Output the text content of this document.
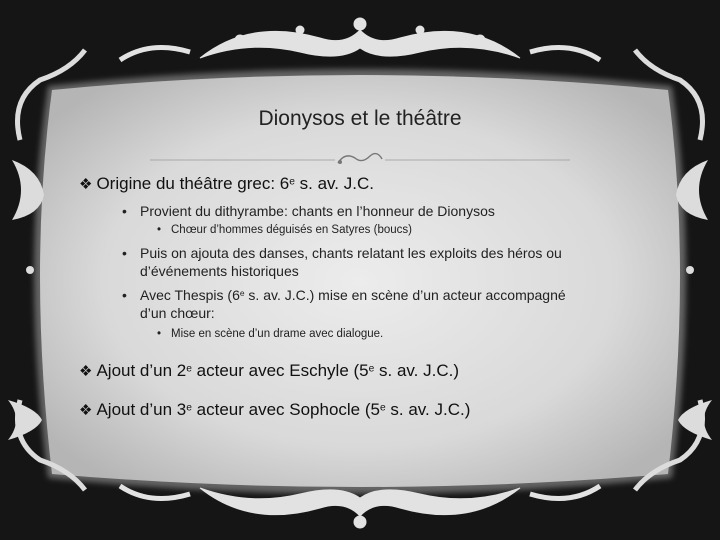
Dionysos et le théâtre
❖ Origine du théâtre grec: 6e s. av. J.C.
• Provient du dithyrambe: chants en l’honneur de Dionysos
• Chœur d’hommes déguisés en Satyres (boucs)
• Puis on ajouta des danses, chants relatant les exploits des héros ou
d’événements historiques
• Avec Thespis (6e s. av. J.C.) mise en scène d’un acteur accompagné
d’un chœur:
• Mise en scène d’un drame avec dialogue.
❖ Ajout d’un 2e acteur avec Eschyle (5e s. av. J.C.)
❖ Ajout d’un 3e acteur avec Sophocle (5e s. av. J.C.)
